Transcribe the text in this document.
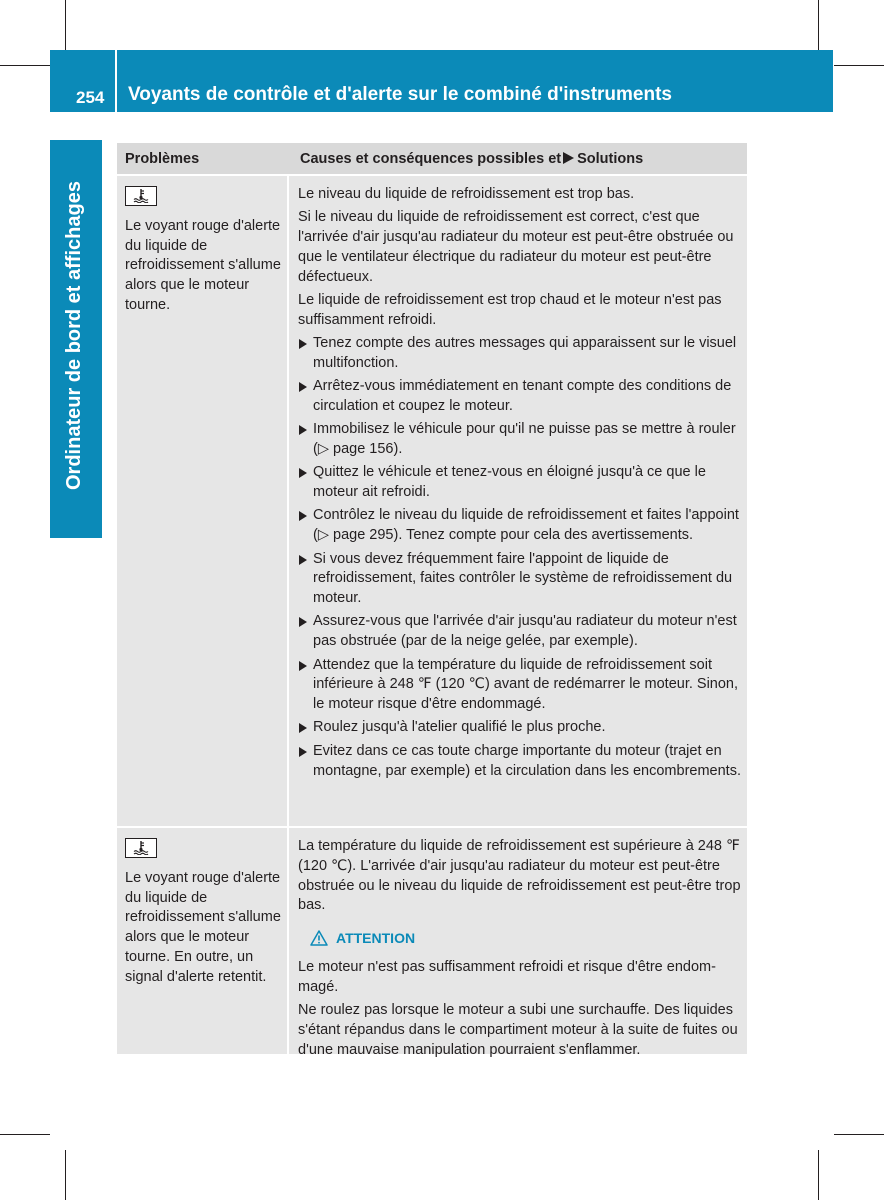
254 Voyants de contrôle et d'alerte sur le combiné d'instruments
Ordinateur de bord et affichages
Problèmes	Causes et conséquences possibles et Solutions
Le voyant rouge d'alerte du liquide de refroidissement s'allume alors que le moteur tourne.

Le niveau du liquide de refroidissement est trop bas.

Si le niveau du liquide de refroidissement est correct, c'est que l'arrivée d'air jusqu'au radiateur du moteur est peut-être obstruée ou que le ventilateur électrique du radiateur du moteur est peut-être défectueux.

Le liquide de refroidissement est trop chaud et le moteur n'est pas suffisamment refroidi.

Tenez compte des autres messages qui apparaissent sur le visuel multifonction.
Arrêtez-vous immédiatement en tenant compte des conditions de circulation et coupez le moteur.
Immobilisez le véhicule pour qu'il ne puisse pas se mettre à rouler (▷ page 156).
Quittez le véhicule et tenez-vous en éloigné jusqu'à ce que le moteur ait refroidi.
Contrôlez le niveau du liquide de refroidissement et faites l'appoint (▷ page 295). Tenez compte pour cela des avertissements.
Si vous devez fréquemment faire l'appoint de liquide de refroidissement, faites contrôler le système de refroidissement du moteur.
Assurez-vous que l'arrivée d'air jusqu'au radiateur du moteur n'est pas obstruée (par de la neige gelée, par exemple).
Attendez que la température du liquide de refroidissement soit inférieure à 248 ℉ (120 ℃) avant de redémarrer le moteur. Sinon, le moteur risque d'être endommagé.
Roulez jusqu'à l'atelier qualifié le plus proche.
Evitez dans ce cas toute charge importante du moteur (trajet en montagne, par exemple) et la circulation dans les encombrements.
Le voyant rouge d'alerte du liquide de refroidissement s'allume alors que le moteur tourne. En outre, un signal d'alerte retentit.

La température du liquide de refroidissement est supérieure à 248 ℉ (120 ℃). L'arrivée d'air jusqu'au radiateur du moteur est peut-être obstruée ou le niveau du liquide de refroidissement est peut-être trop bas.

ATTENTION

Le moteur n'est pas suffisamment refroidi et risque d'être endommagé.

Ne roulez pas lorsque le moteur a subi une surchauffe. Des liquides s'étant répandus dans le compartiment moteur à la suite de fuites ou d'une mauvaise manipulation pourraient s'enflammer.
